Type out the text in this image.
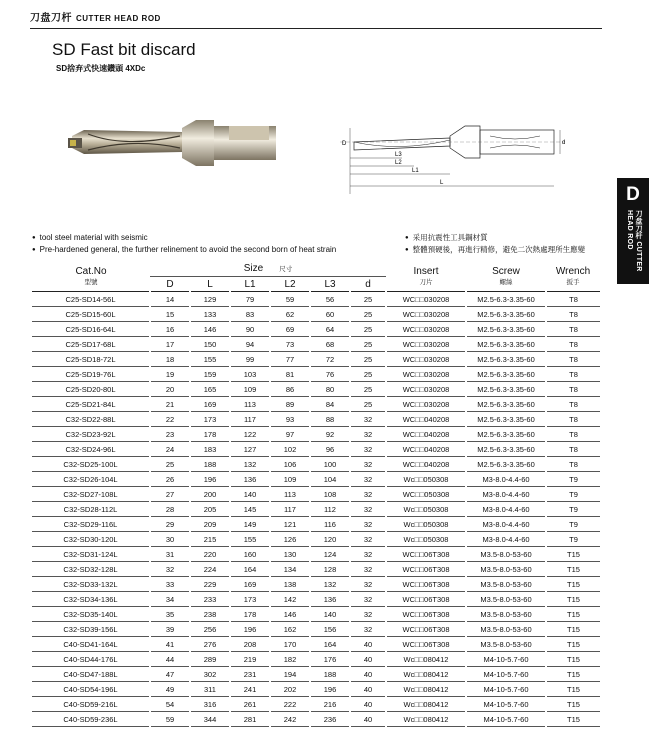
刀盘刀杆 CUTTER HEAD ROD
SD Fast bit discard
SD捨弃式快速鑽頭 4XDc
D
L3
L2
L1
L
d
D
刀盘刀杆 CUTTER HEAD ROD
● tool steel material with seismic
● Pre-hardened general, the further relinement to avoid the second born of heat strain
● 采用抗震性工具鋼材質
● 整體預硬後，再進行精修，避免二次熱處理所生應變
Cat.No
型號	Size 尺寸						Insert
刀片	Screw
螺絲	Wrench
扳手

	D	L	L1	L2	L3	d			
C25-SD14-56L	14	129	79	59	56	25	WC□□030208	M2.5-6.3-3.35-60	T8
C25-SD15-60L	15	133	83	62	60	25	WC□□030208	M2.5-6.3-3.35-60	T8
C25-SD16-64L	16	146	90	69	64	25	WC□□030208	M2.5-6.3-3.35-60	T8
C25-SD17-68L	17	150	94	73	68	25	WC□□030208	M2.5-6.3-3.35-60	T8
C25-SD18-72L	18	155	99	77	72	25	WC□□030208	M2.5-6.3-3.35-60	T8
C25-SD19-76L	19	159	103	81	76	25	WC□□030208	M2.5-6.3-3.35-60	T8
C25-SD20-80L	20	165	109	86	80	25	WC□□030208	M2.5-6.3-3.35-60	T8
C25-SD21-84L	21	169	113	89	84	25	WC□□030208	M2.5-6.3-3.35-60	T8
C32-SD22-88L	22	173	117	93	88	32	WC□□040208	M2.5-6.3-3.35-60	T8
C32-SD23-92L	23	178	122	97	92	32	WC□□040208	M2.5-6.3-3.35-60	T8
C32-SD24-96L	24	183	127	102	96	32	WC□□040208	M2.5-6.3-3.35-60	T8
C32-SD25-100L	25	188	132	106	100	32	WC□□040208	M2.5-6.3-3.35-60	T8
C32-SD26-104L	26	196	136	109	104	32	Wc□□050308	M3-8.0-4.4-60	T9
C32-SD27-108L	27	200	140	113	108	32	WC□□050308	M3-8.0-4.4-60	T9
C32-SD28-112L	28	205	145	117	112	32	Wc□□050308	M3-8.0-4.4-60	T9
C32-SD29-116L	29	209	149	121	116	32	Wc□□050308	M3-8.0-4.4-60	T9
C32-SD30-120L	30	215	155	126	120	32	Wc□□050308	M3-8.0-4.4-60	T9
C32-SD31-124L	31	220	160	130	124	32	WC□□06T308	M3.5-8.0-53-60	T15
C32-SD32-128L	32	224	164	134	128	32	WC□□06T308	M3.5-8.0-53-60	T15
C32-SD33-132L	33	229	169	138	132	32	WC□□06T308	M3.5-8.0-53-60	T15
C32-SD34-136L	34	233	173	142	136	32	WC□□06T308	M3.5-8.0-53-60	T15
C32-SD35-140L	35	238	178	146	140	32	WC□□06T308	M3.5-8.0-53-60	T15
C32-SD39-156L	39	256	196	162	156	32	WC□□06T308	M3.5-8.0-53-60	T15
C40-SD41-164L	41	276	208	170	164	40	WC□□06T308	M3.5-8.0-53-60	T15
C40-SD44-176L	44	289	219	182	176	40	Wc□□080412	M4-10-5.7-60	T15
C40-SD47-188L	47	302	231	194	188	40	Wc□□080412	M4-10-5.7-60	T15
C40-SD54-196L	49	311	241	202	196	40	Wc□□080412	M4-10-5.7-60	T15
C40-SD59-216L	54	316	261	222	216	40	Wc□□080412	M4-10-5.7-60	T15
C40-SD59-236L	59	344	281	242	236	40	Wc□□080412	M4-10-5.7-60	T15
